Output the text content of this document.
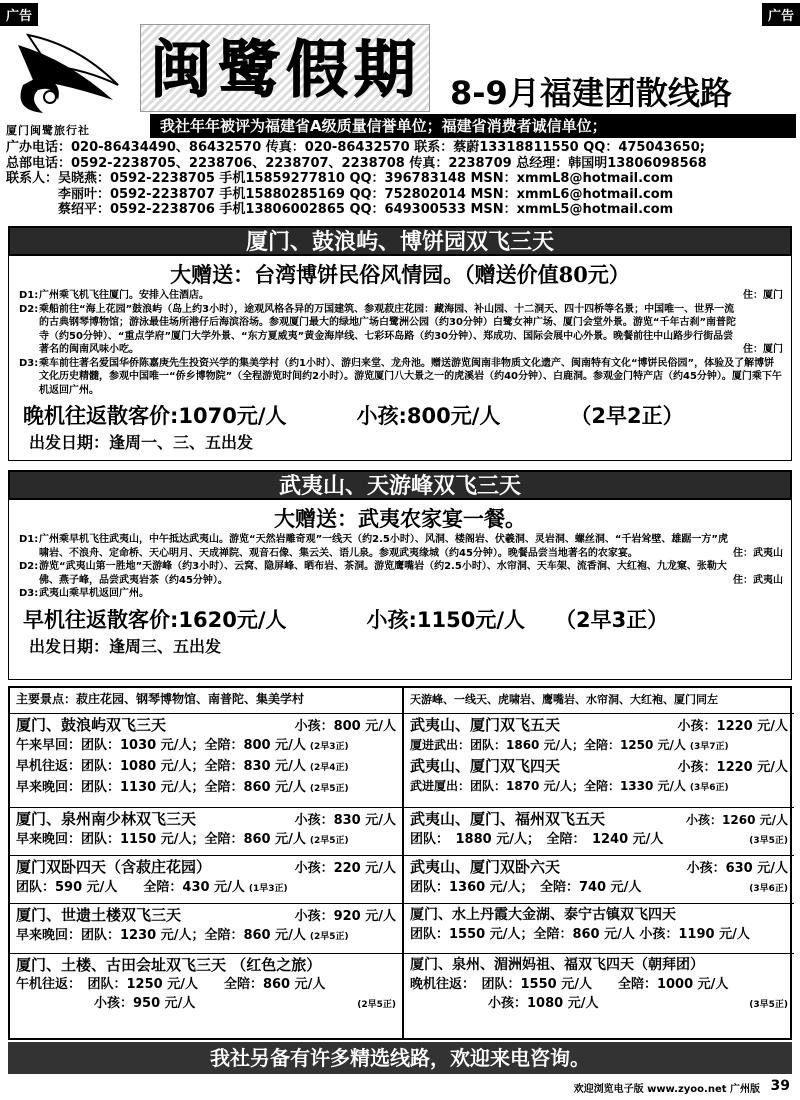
广告	广告
厦门闽鹭旅行社
闽鹭假期 8-9月福建团散线路
我社年年被评为福建省A级质量信誉单位；福建省消费者诚信单位；
广办电话：020-86434490、86432570 传真：020-86432570 联系：蔡蔚13318811550 QQ：475043650;
总部电话：0592-2238705、2238706、2238707、2238708 传真：2238709 总经理：韩国明13806098568
联系人：吴晓燕：0592-2238705 手机15859277810 QQ：396783148 MSN：xmmL8@hotmail.com
　　　　李丽叶：0592-2238707 手机15880285169 QQ：752802014 MSN：xmmL6@hotmail.com
　　　　蔡绍平：0592-2238706 手机13806002865 QQ：649300533 MSN：xmmL5@hotmail.com
厦门、鼓浪屿、博饼园双飞三天
大赠送：台湾博饼民俗风情园。（赠送价值80元）
D1: 广州乘飞机飞往厦门。安排入住酒店。	住：厦门
D2: 乘船前往“海上花园”鼓浪屿（岛上约3小时），途观风格各异的万国建筑、参观菽庄花园：藏海园、补山园、十二洞天、四十四桥等名景；中国唯一、世界一流的古典钢琴博物馆；游泳最佳场所港仔后海滨浴场。参观厦门最大的绿地广场白鹭洲公园（约30分钟）白鹭女神广场、厦门会堂外景。游览“千年古刹”南普陀寺（约50分钟）、“重点学府”厦门大学外景、“东方夏威夷”黄金海岸线、七彩环岛路（约30分钟）、郑成功、国际会展中心外景。晚餐前往中山路步行街品尝著名的闽南风味小吃。	住：厦门
D3: 乘车前往著名爱国华侨陈嘉庚先生投资兴学的集美学村（约1小时）、游归来堂、龙舟池。赠送游览闽南非物质文化遗产、闽南特有文化“博饼民俗园”，体验及了解博饼文化历史精髓，参观中国唯一“侨乡博物院”（全程游览时间约2小时）。游览厦门八大景之一的虎溪岩（约40分钟）、白鹿洞。参观金门特产店（约45分钟）。厦门乘下午机返回广州。
晚机往返散客价:1070元/人	小孩:800元/人	（2早2正）
出发日期：逢周一、三、五出发
武夷山、天游峰双飞三天
大赠送：武夷农家宴一餐。
D1: 广州乘早机飞往武夷山，中午抵达武夷山。游览“天然岩雕奇观”一线天（约2.5小时）、风洞、楼阁岩、伏羲洞、灵岩洞、螺丝洞、“千岩耸壁、雄踞一方”虎啸岩、不浪舟、定命桥、天心明月、天成禅院、观音石像、集云关、语儿泉。参观武夷缘城（约45分钟）。晚餐品尝当地著名的农家宴。	住：武夷山
D2: 游览“武夷山第一胜地”天游峰（约3小时）、云窝、隐屏峰、晒布岩、茶洞。游览鹰嘴岩（约2.5小时）、水帘洞、天车架、流香涧、大红袍、九龙窠、张勒大佛、燕子峰，品尝武夷岩茶（约45分钟）。	住：武夷山
D3: 武夷山乘早机返回广州。
早机往返散客价:1620元/人	小孩:1150元/人 （2早3正）
出发日期：逢周三、五出发
主要景点：菽庄花园、钢琴博物馆、南普陀、集美学村
厦门、鼓浪屿双飞三天	小孩：800 元/人
午来早回：团队：1030 元/人；全陪：800 元/人 (2早3正)
早机往返：团队：1080 元/人；全陪：830 元/人 (2早4正)
早来晚回：团队：1130 元/人；全陪：860 元/人 (2早5正)
厦门、泉州南少林双飞三天	小孩：830 元/人
早来晚回：团队：1150 元/人；全陪：860 元/人 (2早5正)
厦门双卧四天（含菽庄花园）	小孩：220 元/人
团队：590 元/人　　全陪：430 元/人 (1早3正)
厦门、世遗土楼双飞三天	小孩：920 元/人
早来晚回：团队：1230 元/人；全陪：860 元/人 (2早5正)
厦门、土楼、古田会址双飞三天 （红色之旅）
午机往返：　团队：1250 元/人　　全陪：860 元/人
　　　　　　小孩：950 元/人	(2早5正)
天游峰、一线天、虎啸岩、鹰嘴岩、水帘洞、大红袍、厦门同左
武夷山、厦门双飞五天	小孩：1220 元/人
厦进武出：团队：1860 元/人；全陪：1250 元/人 (3早7正)
武夷山、厦门双飞四天	小孩：1220 元/人
武进厦出：团队：1870 元/人；全陪：1330 元/人 (3早6正)
武夷山、厦门、福州双飞五天	小孩：1260 元/人
团队：　1880 元/人；　全陪：　1240 元/人	(3早5正)
武夷山、厦门双卧六天	小孩：630 元/人
团队：1360 元/人；　全陪：740 元/人	(3早6正)
厦门、水上丹霞大金湖、泰宁古镇双飞四天
团队：1550 元/人；全陪：860 元/人 小孩：1190 元/人
厦门、泉州、湄洲妈祖、福双飞四天（朝拜团）
晚机往返：　团队：1550 元/人　　全陪：1000 元/人
　　　　　　小孩：1080 元/人	(3早5正)
我社另备有许多精选线路，欢迎来电咨询。
欢迎浏览电子版 www.zyoo.net 广州版 39
